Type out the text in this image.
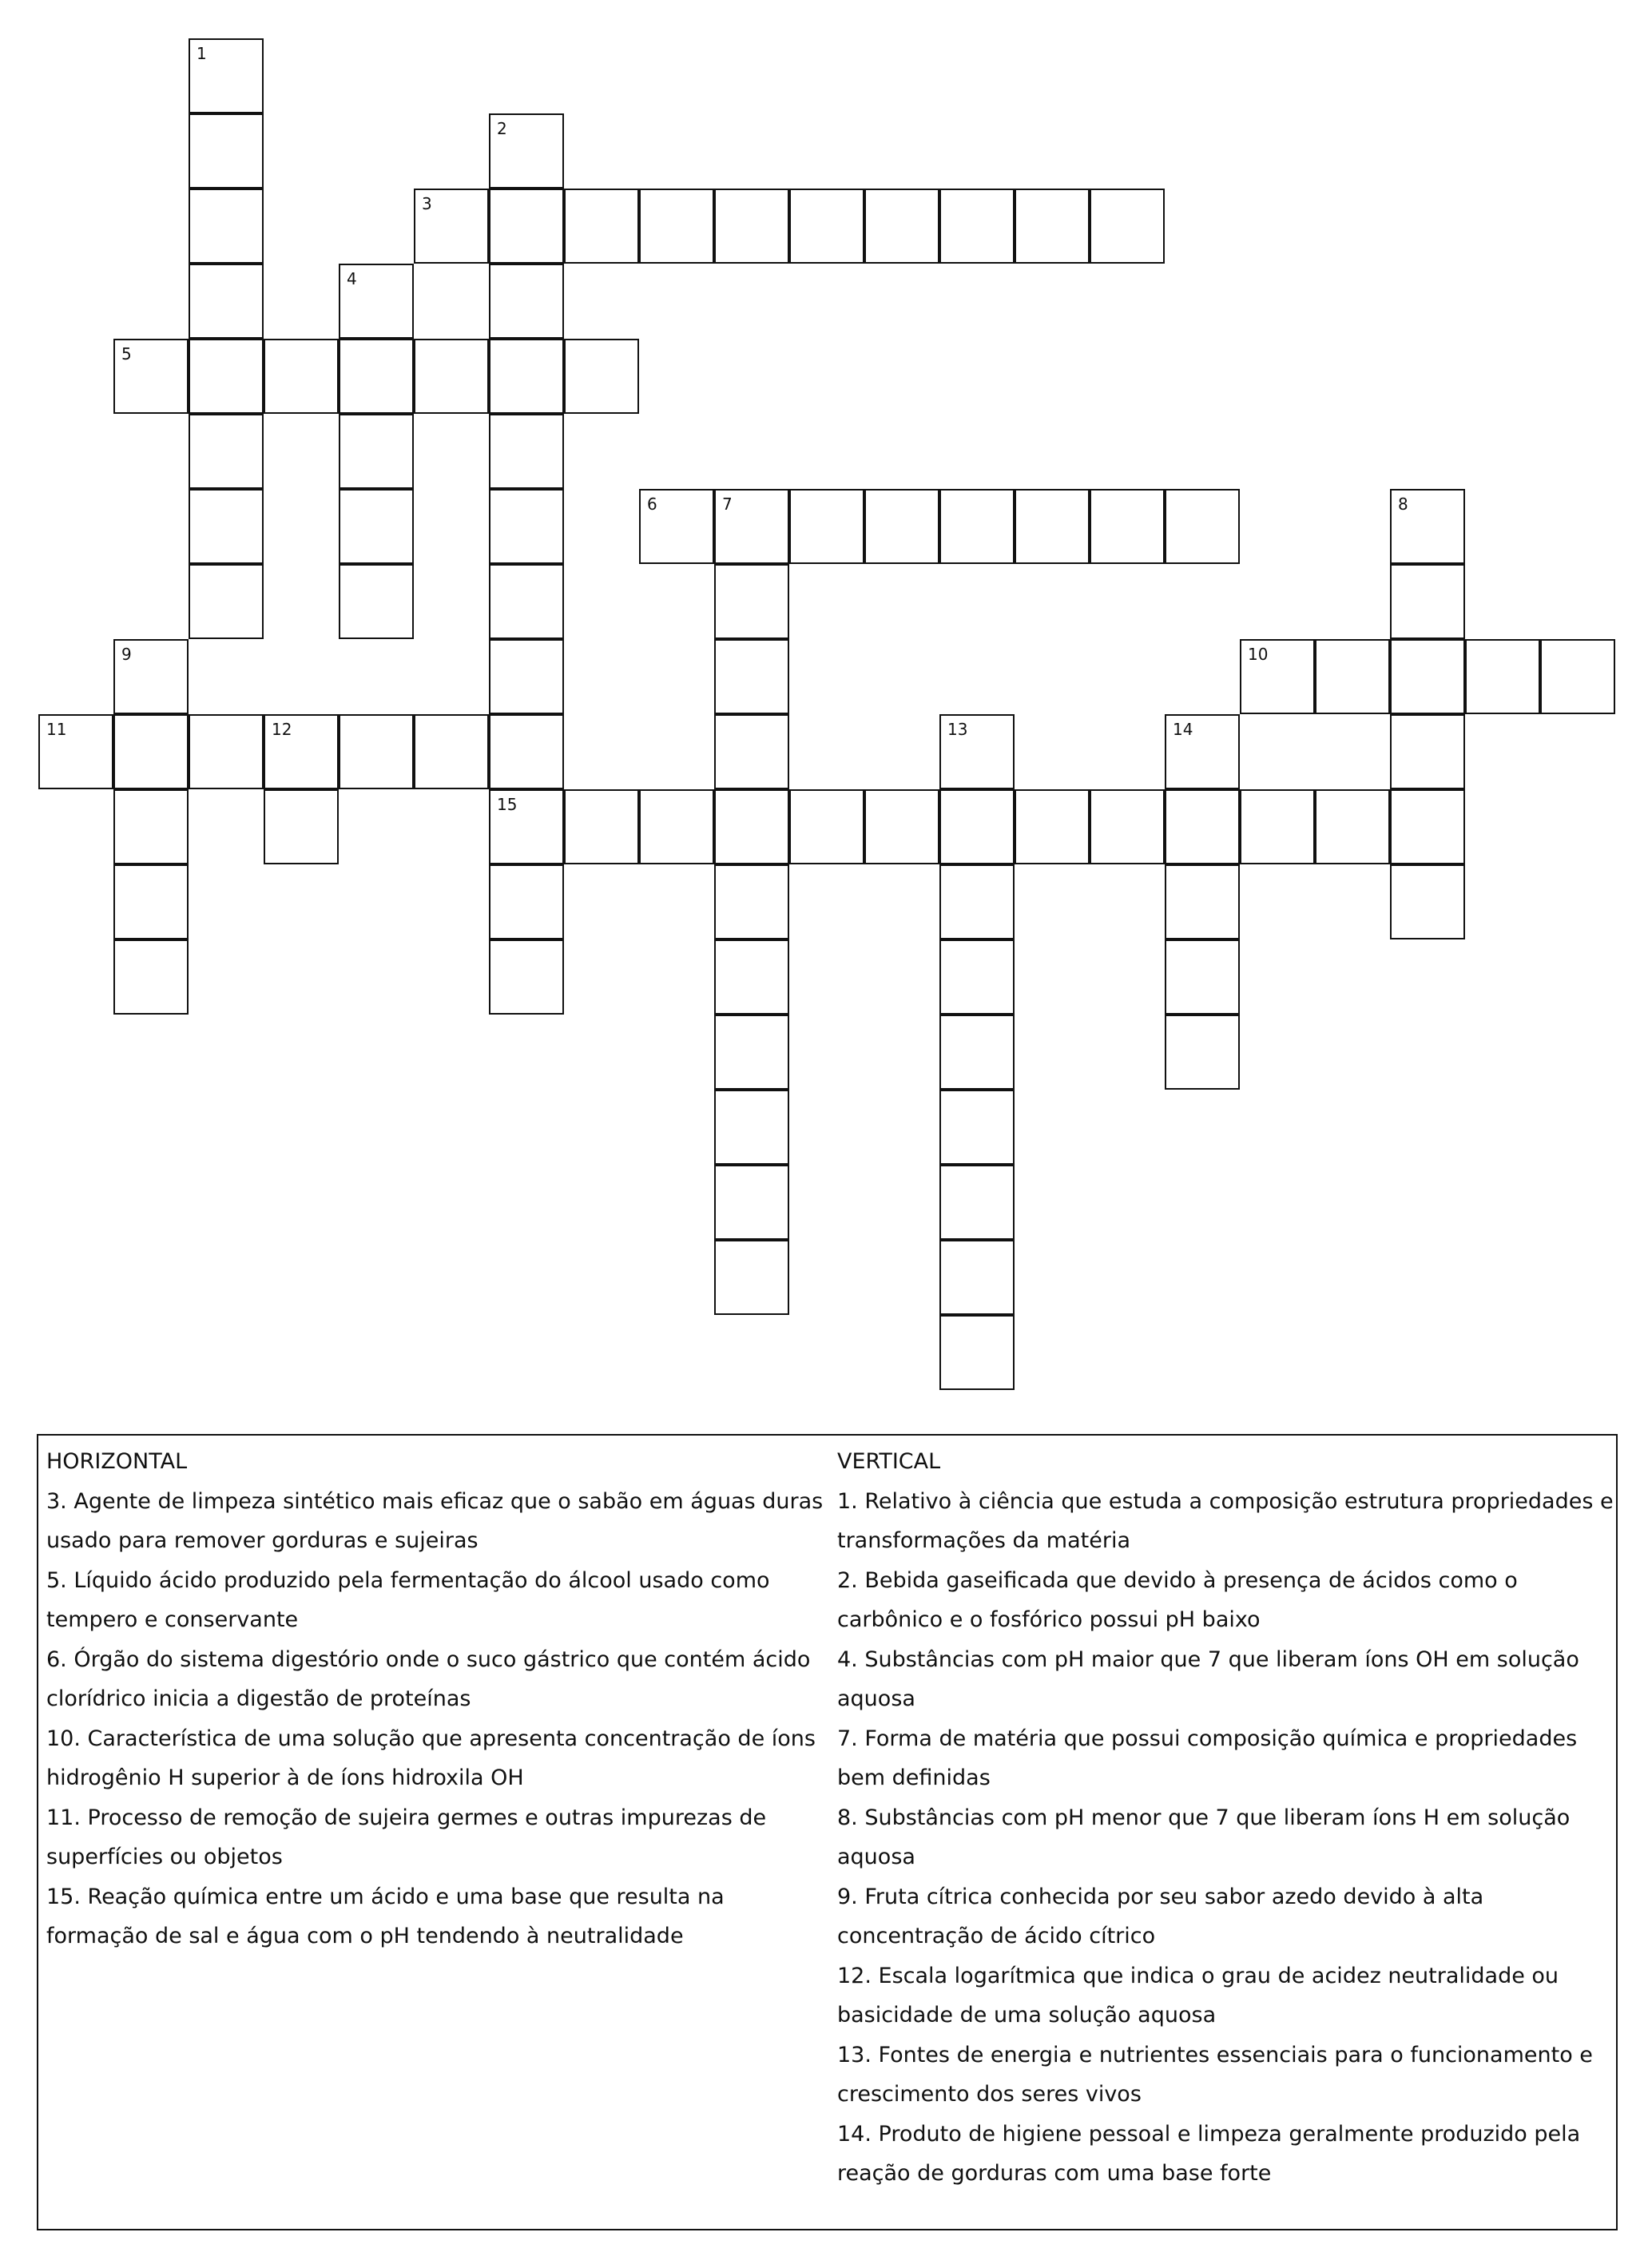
1
2
15
3
4
5
6	7	8
9	10
11	12	13	14

HORIZONTAL

3. Agente de limpeza sintético mais eficaz que o sabão em águas duras usado para remover gorduras e sujeiras

5. Líquido ácido produzido pela fermentação do álcool usado como tempero e conservante

6. Órgão do sistema digestório onde o suco gástrico que contém ácido clorídrico inicia a digestão de proteínas

10. Característica de uma solução que apresenta concentração de íons hidrogênio H superior à de íons hidroxila OH

11. Processo de remoção de sujeira germes e outras impurezas de superfícies ou objetos

15. Reação química entre um ácido e uma base que resulta na formação de sal e água com o pH tendendo à neutralidade

VERTICAL

1. Relativo à ciência que estuda a composição estrutura propriedades e transformações da matéria

2. Bebida gaseificada que devido à presença de ácidos como o carbônico e o fosfórico possui pH baixo

4. Substâncias com pH maior que 7 que liberam íons OH em solução aquosa

7. Forma de matéria que possui composição química e propriedades bem definidas

8. Substâncias com pH menor que 7 que liberam íons H em solução aquosa

9. Fruta cítrica conhecida por seu sabor azedo devido à alta concentração de ácido cítrico

12. Escala logarítmica que indica o grau de acidez neutralidade ou basicidade de uma solução aquosa

13. Fontes de energia e nutrientes essenciais para o funcionamento e crescimento dos seres vivos

14. Produto de higiene pessoal e limpeza geralmente produzido pela reação de gorduras com uma base forte
